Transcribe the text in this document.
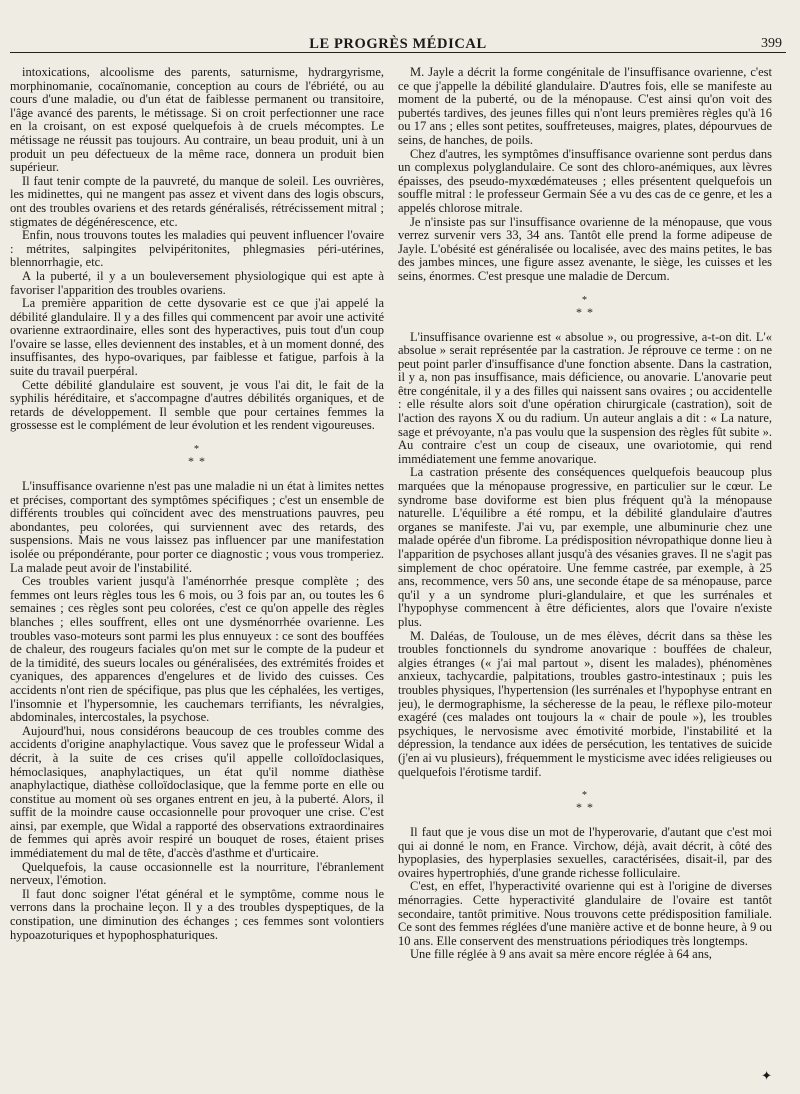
LE PROGRÈS MÉDICAL	399

intoxications, alcoolisme des parents, saturnisme, hydrargyrisme, morphinomanie, cocaïnomanie, conception au cours de l'ébriété, ou au cours d'une maladie, ou d'un état de faiblesse permanent ou transitoire, l'âge avancé des parents, le métissage. Si on croit perfectionner une race en la croisant, on est exposé quelquefois à de cruels mécomptes. Le métissage ne réussit pas toujours. Au contraire, un beau produit, uni à un produit un peu défectueux de la même race, donnera un produit bien supérieur.

Il faut tenir compte de la pauvreté, du manque de soleil. Les ouvrières, les midinettes, qui ne mangent pas assez et vivent dans des logis obscurs, ont des troubles ovariens et des retards généralisés, rétrécissement mitral ; stigmates de dégénérescence, etc.

Enfin, nous trouvons toutes les maladies qui peuvent influencer l'ovaire : métrites, salpingites pelvipéritonites, phlegmasies péri-utérines, blennorrhagie, etc.

A la puberté, il y a un bouleversement physiologique qui est apte à favoriser l'apparition des troubles ovariens.

La première apparition de cette dysovarie est ce que j'ai appelé la débilité glandulaire. Il y a des filles qui commencent par avoir une activité ovarienne extraordinaire, elles sont des hyperactives, puis tout d'un coup l'ovaire se lasse, elles deviennent des instables, et à un moment donné, des insuffisantes, des hypo-ovariques, par faiblesse et fatigue, parfois à la suite du travail puerpéral.

Cette débilité glandulaire est souvent, je vous l'ai dit, le fait de la syphilis héréditaire, et s'accompagne d'autres débilités organiques, et de retards de développement. Il semble que pour certaines femmes la grossesse est le complément de leur évolution et les rendent vigoureuses.

*
* *

L'insuffisance ovarienne n'est pas une maladie ni un état à limites nettes et précises, comportant des symptômes spécifiques ; c'est un ensemble de différents troubles qui coïncident avec des menstruations pauvres, peu abondantes, peu colorées, qui surviennent avec des retards, des suspensions. Mais ne vous laissez pas influencer par une manifestation isolée ou prépondérante, pour porter ce diagnostic ; vous vous tromperiez. La malade peut avoir de l'instabilité.

Ces troubles varient jusqu'à l'aménorrhée presque complète ; des femmes ont leurs règles tous les 6 mois, ou 3 fois par an, ou toutes les 6 semaines ; ces règles sont peu colorées, c'est ce qu'on appelle des règles blanches ; elles souffrent, elles ont une dysménorrhée ovarienne. Les troubles vaso-moteurs sont parmi les plus ennuyeux : ce sont des bouffées de chaleur, des rougeurs faciales qu'on met sur le compte de la pudeur et de la timidité, des sueurs locales ou généralisées, des extrémités froides et cyaniques, des apparences d'engelures et de livido des cuisses. Ces accidents n'ont rien de spécifique, pas plus que les céphalées, les vertiges, l'insomnie et l'hypersomnie, les cauchemars terrifiants, les névralgies, abdominales, intercostales, la psychose.

Aujourd'hui, nous considérons beaucoup de ces troubles comme des accidents d'origine anaphylactique. Vous savez que le professeur Widal a décrit, à la suite de ces crises qu'il appelle colloïdoclasiques, hémoclasiques, anaphylactiques, un état qu'il nomme diathèse anaphylactique, diathèse colloïdoclasique, que la femme porte en elle ou constitue au moment où ses organes entrent en jeu, à la puberté. Alors, il suffit de la moindre cause occasionnelle pour provoquer une crise. C'est ainsi, par exemple, que Widal a rapporté des observations extraordinaires de femmes qui après avoir respiré un bouquet de roses, étaient prises immédiatement du mal de tête, d'accès d'asthme et d'urticaire.

Quelquefois, la cause occasionnelle est la nourriture, l'ébranlement nerveux, l'émotion.

Il faut donc soigner l'état général et le symptôme, comme nous le verrons dans la prochaine leçon. Il y a des troubles dyspeptiques, de la constipation, une diminution des échanges ; ces femmes sont volontiers hypoazoturiques et hypophosphaturiques.

M. Jayle a décrit la forme congénitale de l'insuffisance ovarienne, c'est ce que j'appelle la débilité glandulaire. D'autres fois, elle se manifeste au moment de la puberté, ou de la ménopause. C'est ainsi qu'on voit des pubertés tardives, des jeunes filles qui n'ont leurs premières règles qu'à 16 ou 17 ans ; elles sont petites, souffreteuses, maigres, plates, dépourvues de seins, de hanches, de poils.

Chez d'autres, les symptômes d'insuffisance ovarienne sont perdus dans un complexus polyglandulaire. Ce sont des chloro-anémiques, aux lèvres épaisses, des pseudo-myxœdémateuses ; elles présentent quelquefois un souffle mitral : le professeur Germain Sée a vu des cas de ce genre, et les a appelés chlorose mitrale.

Je n'insiste pas sur l'insuffisance ovarienne de la ménopause, que vous verrez survenir vers 33, 34 ans. Tantôt elle prend la forme adipeuse de Jayle. L'obésité est généralisée ou localisée, avec des mains petites, le bas des jambes minces, une figure assez avenante, le siège, les cuisses et les seins, énormes. C'est presque une maladie de Dercum.

*
* *

L'insuffisance ovarienne est « absolue », ou progressive, a-t-on dit. L'« absolue » serait représentée par la castration. Je réprouve ce terme : on ne peut point parler d'insuffisance d'une fonction absente. Dans la castration, il y a, non pas insuffisance, mais déficience, ou anovarie. L'anovarie peut être congénitale, il y a des filles qui naissent sans ovaires ; ou accidentelle : elle résulte alors soit d'une opération chirurgicale (castration), soit de l'action des rayons X ou du radium. Un auteur anglais a dit : « La nature, sage et prévoyante, n'a pas voulu que la suspension des règles fût subite ». Au contraire c'est un coup de ciseaux, une ovariotomie, qui rend immédiatement une femme anovarique.

La castration présente des conséquences quelquefois beaucoup plus marquées que la ménopause progressive, en particulier sur le cœur. Le syndrome base doviforme est bien plus fréquent qu'à la ménopause naturelle. L'équilibre a été rompu, et la débilité glandulaire d'autres organes se manifeste. J'ai vu, par exemple, une albuminurie chez une malade opérée d'un fibrome. La prédisposition névropathique donne lieu à l'apparition de psychoses allant jusqu'à des vésanies graves. Il ne s'agit pas simplement de choc opératoire. Une femme castrée, par exemple, à 25 ans, recommence, vers 50 ans, une seconde étape de sa ménopause, parce qu'il y a un syndrome pluri-glandulaire, et que les surrénales et l'hypophyse commencent à être déficientes, alors que l'ovaire n'existe plus.

M. Daléas, de Toulouse, un de mes élèves, décrit dans sa thèse les troubles fonctionnels du syndrome anovarique : bouffées de chaleur, algies étranges (« j'ai mal partout », disent les malades), phénomènes anxieux, tachycardie, palpitations, troubles gastro-intestinaux ; puis les troubles physiques, l'hypertension (les surrénales et l'hypophyse entrant en jeu), le dermographisme, la sécheresse de la peau, le réflexe pilo-moteur exagéré (ces malades ont toujours la « chair de poule »), les troubles psychiques, le nervosisme avec émotivité morbide, l'instabilité et la dépression, la tendance aux idées de persécution, les tentatives de suicide (j'en ai vu plusieurs), fréquemment le mysticisme avec idées religieuses ou quelquefois l'érotisme tardif.

*
* *

Il faut que je vous dise un mot de l'hyperovarie, d'autant que c'est moi qui ai donné le nom, en France. Virchow, déjà, avait décrit, à côté des hypoplasies, des hyperplasies sexuelles, caractérisées, disait-il, par des ovaires hypertrophiés, d'une grande richesse folliculaire.

C'est, en effet, l'hyperactivité ovarienne qui est à l'origine de diverses ménorragies. Cette hyperactivité glandulaire de l'ovaire est tantôt secondaire, tantôt primitive. Nous trouvons cette prédisposition familiale. Ce sont des femmes réglées d'une manière active et de bonne heure, à 9 ou 10 ans. Elle conservent des menstruations périodiques très longtemps.

Une fille réglée à 9 ans avait sa mère encore réglée à 64 ans,

✦
